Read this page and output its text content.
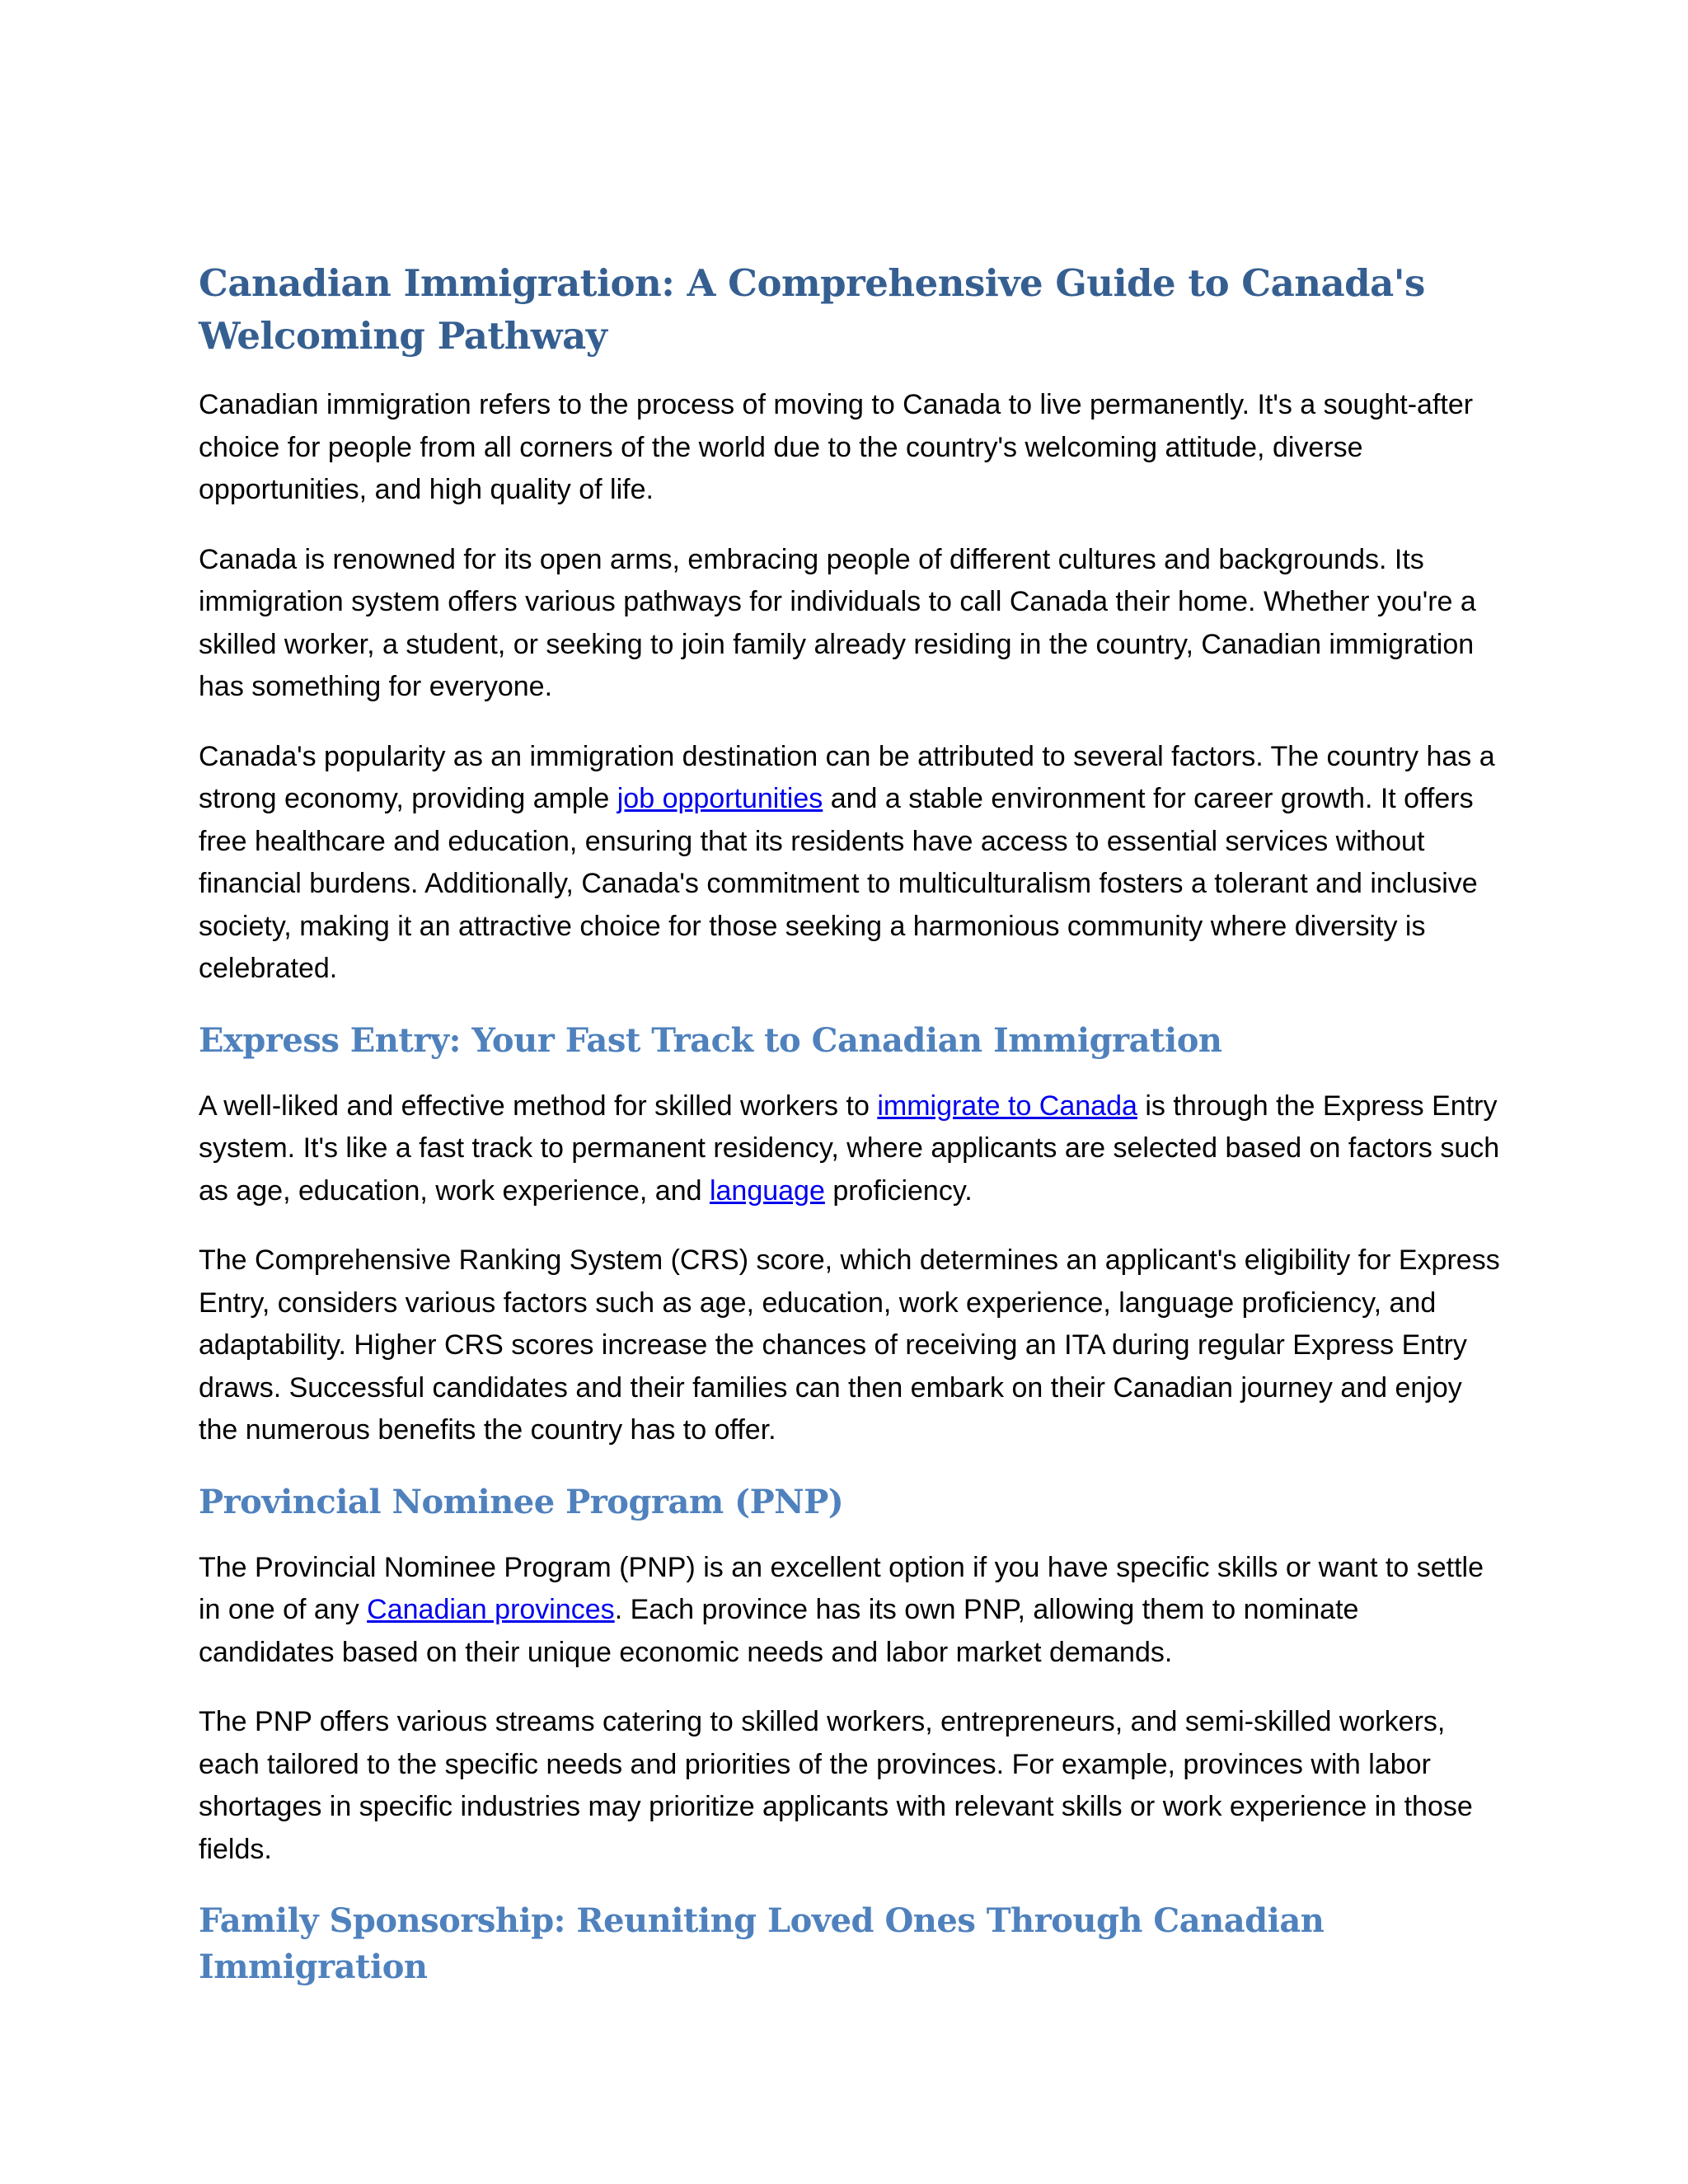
Canadian Immigration: A Comprehensive Guide to Canada's Welcoming Pathway

Canadian immigration refers to the process of moving to Canada to live permanently. It's a sought-after choice for people from all corners of the world due to the country's welcoming attitude, diverse opportunities, and high quality of life.

Canada is renowned for its open arms, embracing people of different cultures and backgrounds. Its immigration system offers various pathways for individuals to call Canada their home. Whether you're a skilled worker, a student, or seeking to join family already residing in the country, Canadian immigration has something for everyone.

Canada's popularity as an immigration destination can be attributed to several factors. The country has a strong economy, providing ample job opportunities and a stable environment for career growth. It offers free healthcare and education, ensuring that its residents have access to essential services without financial burdens. Additionally, Canada's commitment to multiculturalism fosters a tolerant and inclusive society, making it an attractive choice for those seeking a harmonious community where diversity is celebrated.

Express Entry: Your Fast Track to Canadian Immigration

A well-liked and effective method for skilled workers to immigrate to Canada is through the Express Entry system. It's like a fast track to permanent residency, where applicants are selected based on factors such as age, education, work experience, and language proficiency.

The Comprehensive Ranking System (CRS) score, which determines an applicant's eligibility for Express Entry, considers various factors such as age, education, work experience, language proficiency, and adaptability. Higher CRS scores increase the chances of receiving an ITA during regular Express Entry draws. Successful candidates and their families can then embark on their Canadian journey and enjoy the numerous benefits the country has to offer.

Provincial Nominee Program (PNP)

The Provincial Nominee Program (PNP) is an excellent option if you have specific skills or want to settle in one of any Canadian provinces. Each province has its own PNP, allowing them to nominate candidates based on their unique economic needs and labor market demands.

The PNP offers various streams catering to skilled workers, entrepreneurs, and semi-skilled workers, each tailored to the specific needs and priorities of the provinces. For example, provinces with labor shortages in specific industries may prioritize applicants with relevant skills or work experience in those fields.

Family Sponsorship: Reuniting Loved Ones Through Canadian Immigration
